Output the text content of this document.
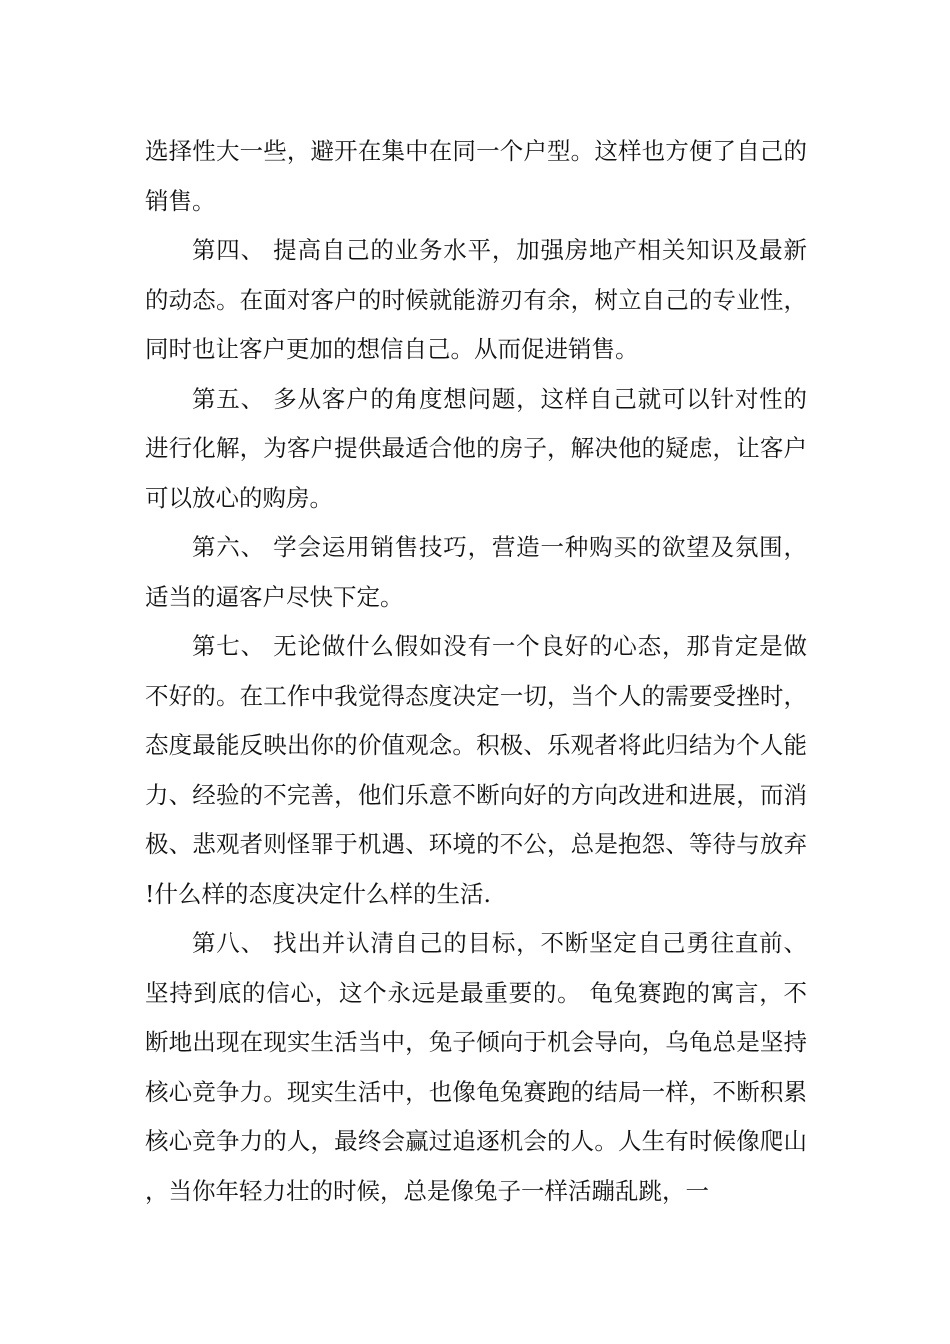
选择性大一些，避开在集中在同一个户型。这样也方便了自己的销售。

第四、 提高自己的业务水平，加强房地产相关知识及最新的动态。在面对客户的时候就能游刃有余，树立自己的专业性，同时也让客户更加的想信自己。从而促进销售。

第五、 多从客户的角度想问题，这样自己就可以针对性的进行化解，为客户提供最适合他的房子，解决他的疑虑，让客户可以放心的购房。

第六、 学会运用销售技巧，营造一种购买的欲望及氛围，适当的逼客户尽快下定。

第七、 无论做什么假如没有一个良好的心态，那肯定是做不好的。在工作中我觉得态度决定一切，当个人的需要受挫时，态度最能反映出你的价值观念。积极、乐观者将此归结为个人能力、经验的不完善，他们乐意不断向好的方向改进和进展，而消极、悲观者则怪罪于机遇、环境的不公，总是抱怨、等待与放弃!什么样的态度决定什么样的生活.

第八、 找出并认清自己的目标，不断坚定自己勇往直前、坚持到底的信心，这个永远是最重要的。 龟兔赛跑的寓言，不断地出现在现实生活当中，兔子倾向于机会导向，乌龟总是坚持核心竞争力。现实生活中，也像龟兔赛跑的结局一样，不断积累核心竞争力的人，最终会赢过追逐机会的人。人生有时候像爬山，当你年轻力壮的时候，总是像兔子一样活蹦乱跳，一
